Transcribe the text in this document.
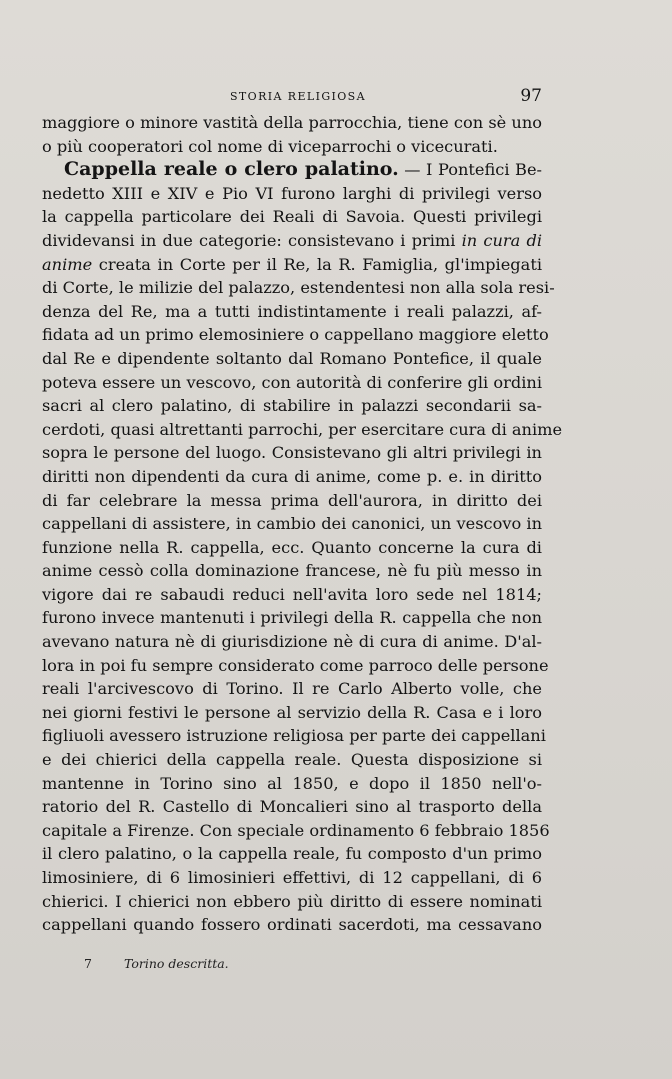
STORIA RELIGIOSA	97
maggiore o minore vastità della parrocchia, tiene con sè uno
o più cooperatori col nome di viceparrochi o vicecurati.
Cappella reale o clero palatino. — I Pontefici Be-
nedetto XIII e XIV e Pio VI furono larghi di privilegi verso
la cappella particolare dei Reali di Savoia. Questi privilegi
dividevansi in due categorie: consistevano i primi in cura di
anime creata in Corte per il Re, la R. Famiglia, gl'impiegati
di Corte, le milizie del palazzo, estendentesi non alla sola resi-
denza del Re, ma a tutti indistintamente i reali palazzi, af-
fidata ad un primo elemosiniere o cappellano maggiore eletto
dal Re e dipendente soltanto dal Romano Pontefice, il quale
poteva essere un vescovo, con autorità di conferire gli ordini
sacri al clero palatino, di stabilire in palazzi secondarii sa-
cerdoti, quasi altrettanti parrochi, per esercitare cura di anime
sopra le persone del luogo. Consistevano gli altri privilegi in
diritti non dipendenti da cura di anime, come p. e. in diritto
di far celebrare la messa prima dell'aurora, in diritto dei
cappellani di assistere, in cambio dei canonici, un vescovo in
funzione nella R. cappella, ecc. Quanto concerne la cura di
anime cessò colla dominazione francese, nè fu più messo in
vigore dai re sabaudi reduci nell'avita loro sede nel 1814;
furono invece mantenuti i privilegi della R. cappella che non
avevano natura nè di giurisdizione nè di cura di anime. D'al-
lora in poi fu sempre considerato come parroco delle persone
reali l'arcivescovo di Torino. Il re Carlo Alberto volle, che
nei giorni festivi le persone al servizio della R. Casa e i loro
figliuoli avessero istruzione religiosa per parte dei cappellani
e dei chierici della cappella reale. Questa disposizione si
mantenne in Torino sino al 1850, e dopo il 1850 nell'o-
ratorio del R. Castello di Moncalieri sino al trasporto della
capitale a Firenze. Con speciale ordinamento 6 febbraio 1856
il clero palatino, o la cappella reale, fu composto d'un primo
limosiniere, di 6 limosinieri effettivi, di 12 cappellani, di 6
chierici. I chierici non ebbero più diritto di essere nominati
cappellani quando fossero ordinati sacerdoti, ma cessavano
7	Torino descritta.
